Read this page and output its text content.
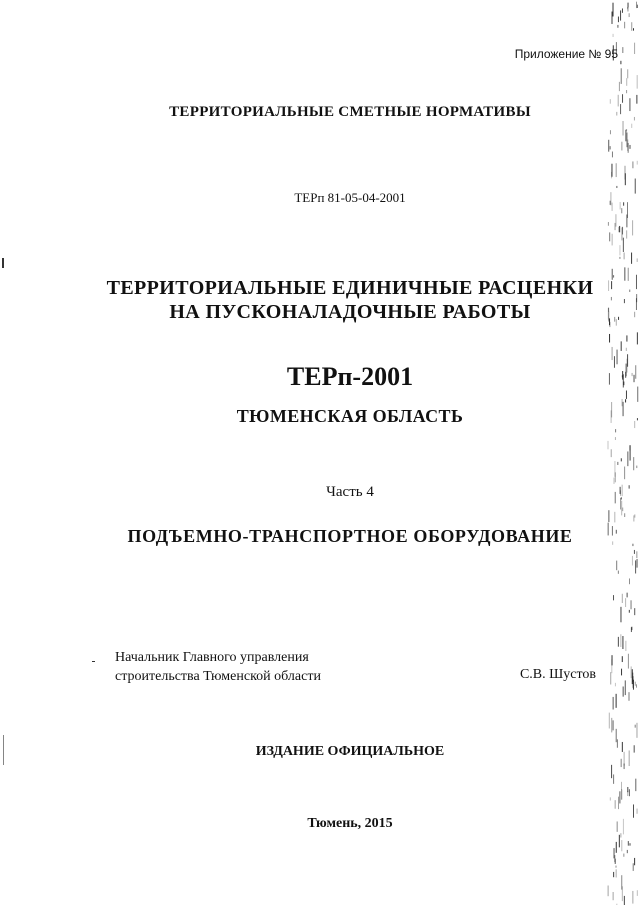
Приложение № 95
ТЕРРИТОРИАЛЬНЫЕ СМЕТНЫЕ НОРМАТИВЫ
ТЕРп 81-05-04-2001
ТЕРРИТОРИАЛЬНЫЕ ЕДИНИЧНЫЕ РАСЦЕНКИ
НА ПУСКОНАЛАДОЧНЫЕ РАБОТЫ
ТЕРп-2001
ТЮМЕНСКАЯ ОБЛАСТЬ
Часть 4
ПОДЪЕМНО-ТРАНСПОРТНОЕ ОБОРУДОВАНИЕ
Начальник Главного управления
строительства Тюменской области	С.В. Шустов
ИЗДАНИЕ ОФИЦИАЛЬНОЕ
Тюмень, 2015
